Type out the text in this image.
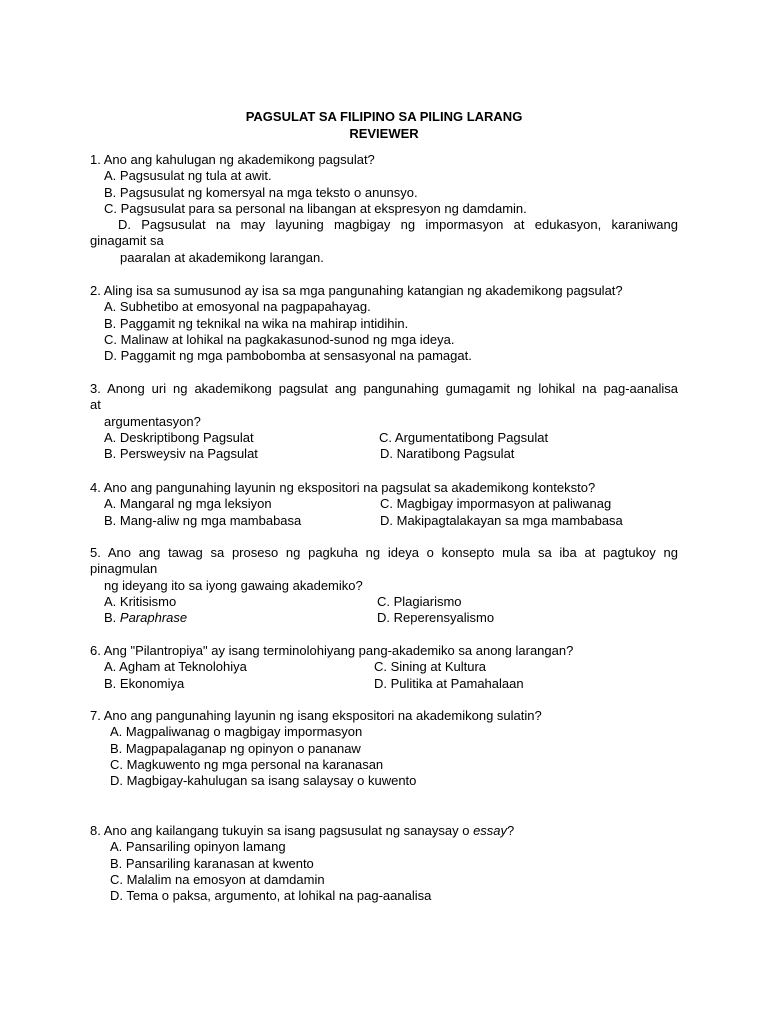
PAGSULAT SA FILIPINO SA PILING LARANG
REVIEWER
1. Ano ang kahulugan ng akademikong pagsulat?
A. Pagsusulat ng tula at awit.
B. Pagsusulat ng komersyal na mga teksto o anunsyo.
C. Pagsusulat para sa personal na libangan at ekspresyon ng damdamin.
D. Pagsusulat na may layuning magbigay ng impormasyon at edukasyon, karaniwang
ginagamit sa
paaralan at akademikong larangan.
2. Aling isa sa sumusunod ay isa sa mga pangunahing katangian ng akademikong pagsulat?
A. Subhetibo at emosyonal na pagpapahayag.
B. Paggamit ng teknikal na wika na mahirap intidihin.
C. Malinaw at lohikal na pagkakasunod-sunod ng mga ideya.
D. Paggamit ng mga pambobomba at sensasyonal na pamagat.
3. Anong uri ng akademikong pagsulat ang pangunahing gumagamit ng lohikal na pag-aanalisa
at
argumentasyon?
A. Deskriptibong Pagsulat	C. Argumentatibong Pagsulat
B. Persweysiv na Pagsulat	D. Naratibong Pagsulat
4. Ano ang pangunahing layunin ng ekspositori na pagsulat sa akademikong konteksto?
A. Mangaral ng mga leksiyon	C. Magbigay impormasyon at paliwanag
B. Mang-aliw ng mga mambabasa	D. Makipagtalakayan sa mga mambabasa
5. Ano ang tawag sa proseso ng pagkuha ng ideya o konsepto mula sa iba at pagtukoy ng
pinagmulan
ng ideyang ito sa iyong gawaing akademiko?
A. Kritisismo	C. Plagiarismo
B. Paraphrase	D. Reperensyalismo
6. Ang "Pilantropiya" ay isang terminolohiyang pang-akademiko sa anong larangan?
A. Agham at Teknolohiya	C. Sining at Kultura
B. Ekonomiya	D. Pulitika at Pamahalaan
7. Ano ang pangunahing layunin ng isang ekspositori na akademikong sulatin?
A. Magpaliwanag o magbigay impormasyon
B. Magpapalaganap ng opinyon o pananaw
C. Magkuwento ng mga personal na karanasan
D. Magbigay-kahulugan sa isang salaysay o kuwento
8. Ano ang kailangang tukuyin sa isang pagsusulat ng sanaysay o essay?
A. Pansariling opinyon lamang
B. Pansariling karanasan at kwento
C. Malalim na emosyon at damdamin
D. Tema o paksa, argumento, at lohikal na pag-aanalisa
